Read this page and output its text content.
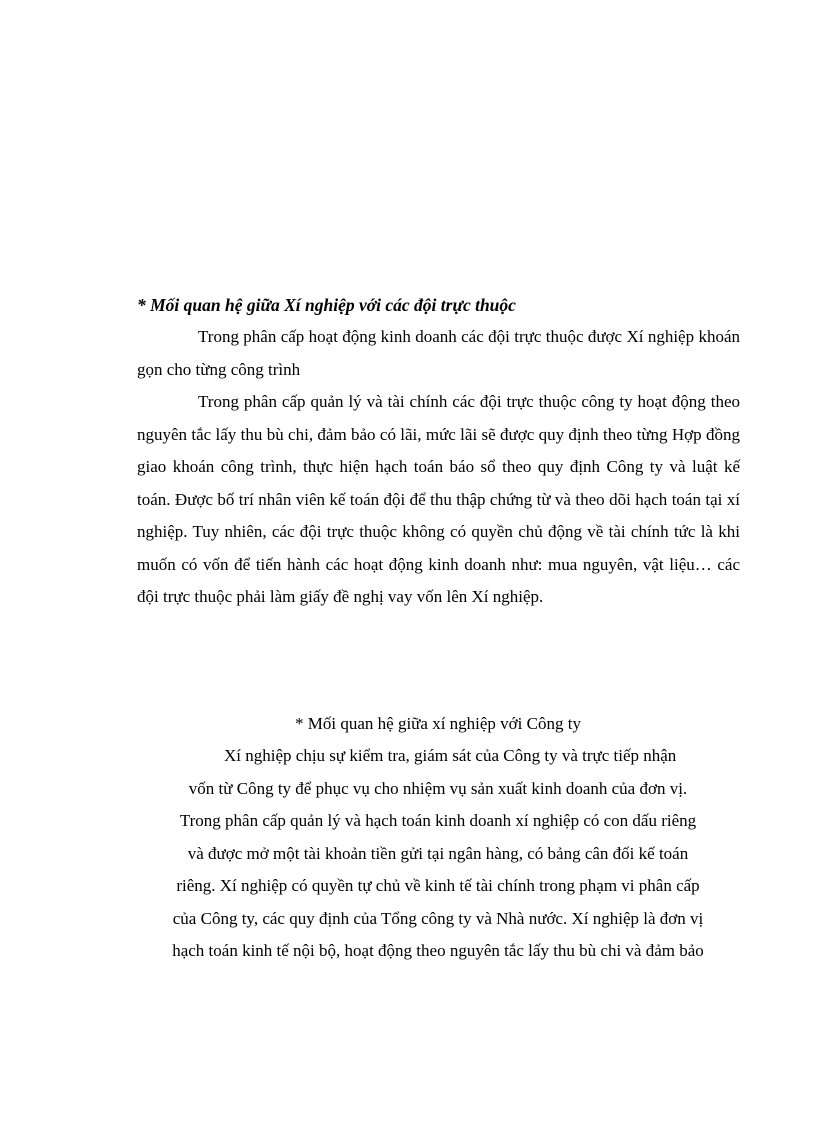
* Mối quan hệ giữa Xí nghiệp với các đội trực thuộc

Trong phân cấp hoạt động kinh doanh các đội trực thuộc được Xí nghiệp khoán gọn cho từng công trình

Trong phân cấp quản lý và tài chính các đội trực thuộc công ty hoạt động theo nguyên tắc lấy thu bù chi, đảm bảo có lãi, mức lãi sẽ được quy định theo từng Hợp đồng giao khoán công trình, thực hiện hạch toán báo sổ theo quy định Công ty và luật kế toán. Được bố trí nhân viên kế toán đội để thu thập chứng từ và theo dõi hạch toán tại xí nghiệp. Tuy nhiên, các đội trực thuộc không có quyền chủ động về tài chính tức là khi muốn có vốn để tiến hành các hoạt động kinh doanh như: mua nguyên, vật liệu… các đội trực thuộc phải làm giấy đề nghị vay vốn lên Xí nghiệp.

* Mối quan hệ giữa xí nghiệp với Công ty

Xí nghiệp chịu sự kiểm tra, giám sát của Công ty và trực tiếp nhận

vốn từ Công ty để phục vụ cho nhiệm vụ sản xuất kinh doanh của đơn vị.

Trong phân cấp quản lý và hạch toán kinh doanh xí nghiệp có con dấu riêng

và được mở một tài khoản tiền gửi tại ngân hàng, có bảng cân đối kế toán

riêng. Xí nghiệp có quyền tự chủ về kinh tế tài chính trong phạm vi phân cấp

của Công ty, các quy định của Tổng công ty và Nhà nước. Xí nghiệp là đơn vị

hạch toán kinh tế nội bộ, hoạt động theo nguyên tắc lấy thu bù chi và đảm bảo
